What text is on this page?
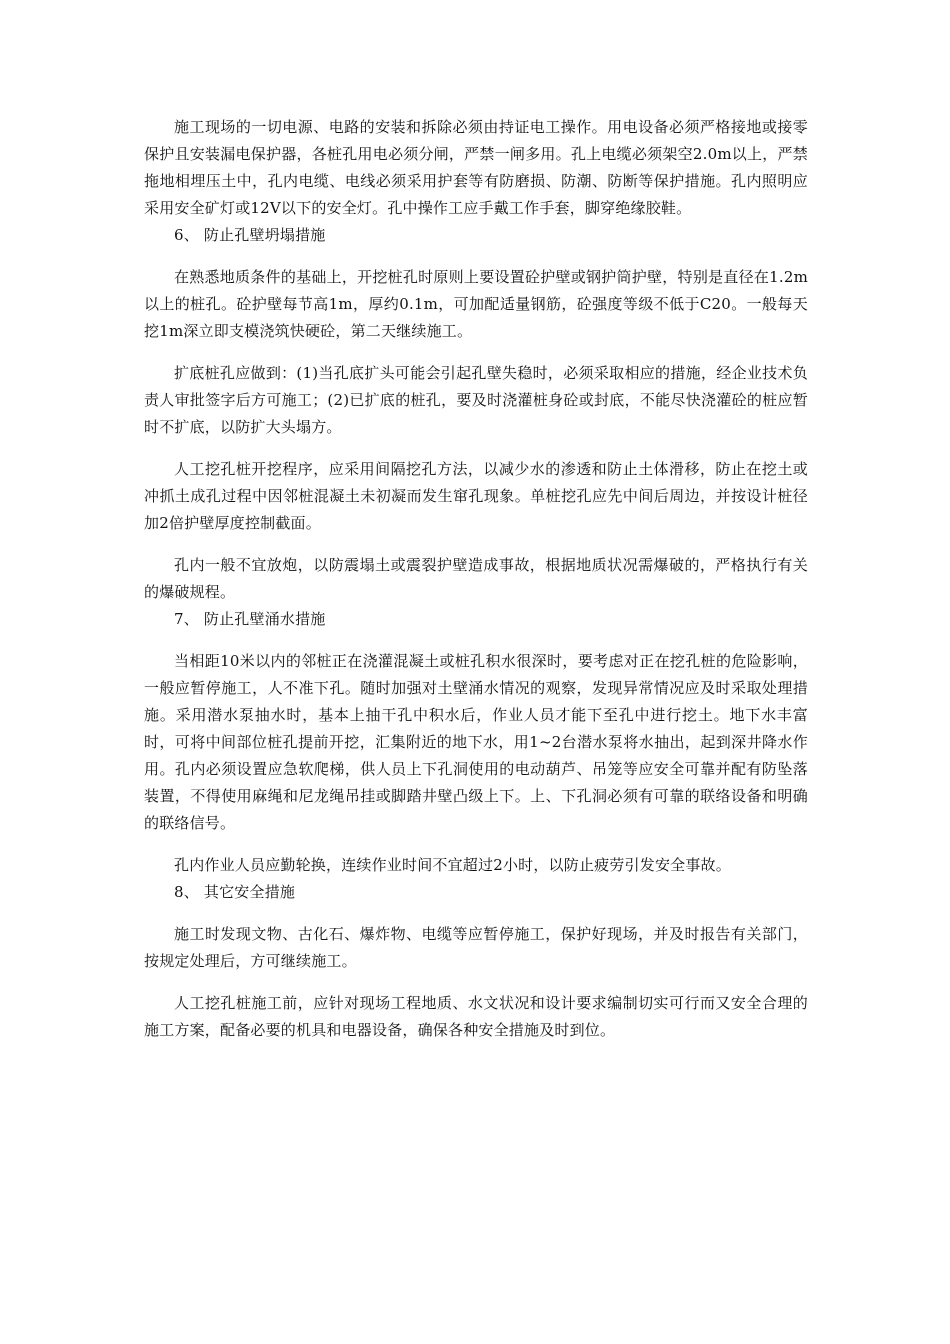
施工现场的一切电源、电路的安装和拆除必须由持证电工操作。用电设备必须严格接地或接零保护且安装漏电保护器，各桩孔用电必须分闸，严禁一闸多用。孔上电缆必须架空2.0m以上，严禁拖地相埋压土中，孔内电缆、电线必须采用护套等有防磨损、防潮、防断等保护措施。孔内照明应采用安全矿灯或12V以下的安全灯。孔中操作工应手戴工作手套，脚穿绝缘胶鞋。

6、 防止孔壁坍塌措施

在熟悉地质条件的基础上，开挖桩孔时原则上要设置砼护壁或钢护筒护壁，特别是直径在1.2m以上的桩孔。砼护壁每节高1m，厚约0.1m，可加配适量钢筋，砼强度等级不低于C20。一般每天挖1m深立即支模浇筑快硬砼，第二天继续施工。

扩底桩孔应做到：(1)当孔底扩头可能会引起孔壁失稳时，必须采取相应的措施，经企业技术负责人审批签字后方可施工；(2)已扩底的桩孔，要及时浇灌桩身砼或封底，不能尽快浇灌砼的桩应暂时不扩底，以防扩大头塌方。

人工挖孔桩开挖程序，应采用间隔挖孔方法，以减少水的渗透和防止土体滑移，防止在挖土或冲抓土成孔过程中因邻桩混凝土未初凝而发生窜孔现象。单桩挖孔应先中间后周边，并按设计桩径加2倍护壁厚度控制截面。

孔内一般不宜放炮，以防震塌土或震裂护壁造成事故，根据地质状况需爆破的，严格执行有关的爆破规程。

7、 防止孔壁涌水措施

当相距10米以内的邻桩正在浇灌混凝土或桩孔积水很深时，要考虑对正在挖孔桩的危险影响，一般应暂停施工，人不准下孔。随时加强对土壁涌水情况的观察，发现异常情况应及时采取处理措施。采用潜水泵抽水时，基本上抽干孔中积水后，作业人员才能下至孔中进行挖土。地下水丰富时，可将中间部位桩孔提前开挖，汇集附近的地下水，用1~2台潜水泵将水抽出，起到深井降水作用。孔内必须设置应急软爬梯，供人员上下孔洞使用的电动葫芦、吊笼等应安全可靠并配有防坠落装置，不得使用麻绳和尼龙绳吊挂或脚踏井壁凸级上下。上、下孔洞必须有可靠的联络设备和明确的联络信号。

孔内作业人员应勤轮换，连续作业时间不宜超过2小时，以防止疲劳引发安全事故。

8、 其它安全措施

施工时发现文物、古化石、爆炸物、电缆等应暂停施工，保护好现场，并及时报告有关部门，按规定处理后，方可继续施工。

人工挖孔桩施工前，应针对现场工程地质、水文状况和设计要求编制切实可行而又安全合理的施工方案，配备必要的机具和电器设备，确保各种安全措施及时到位。
